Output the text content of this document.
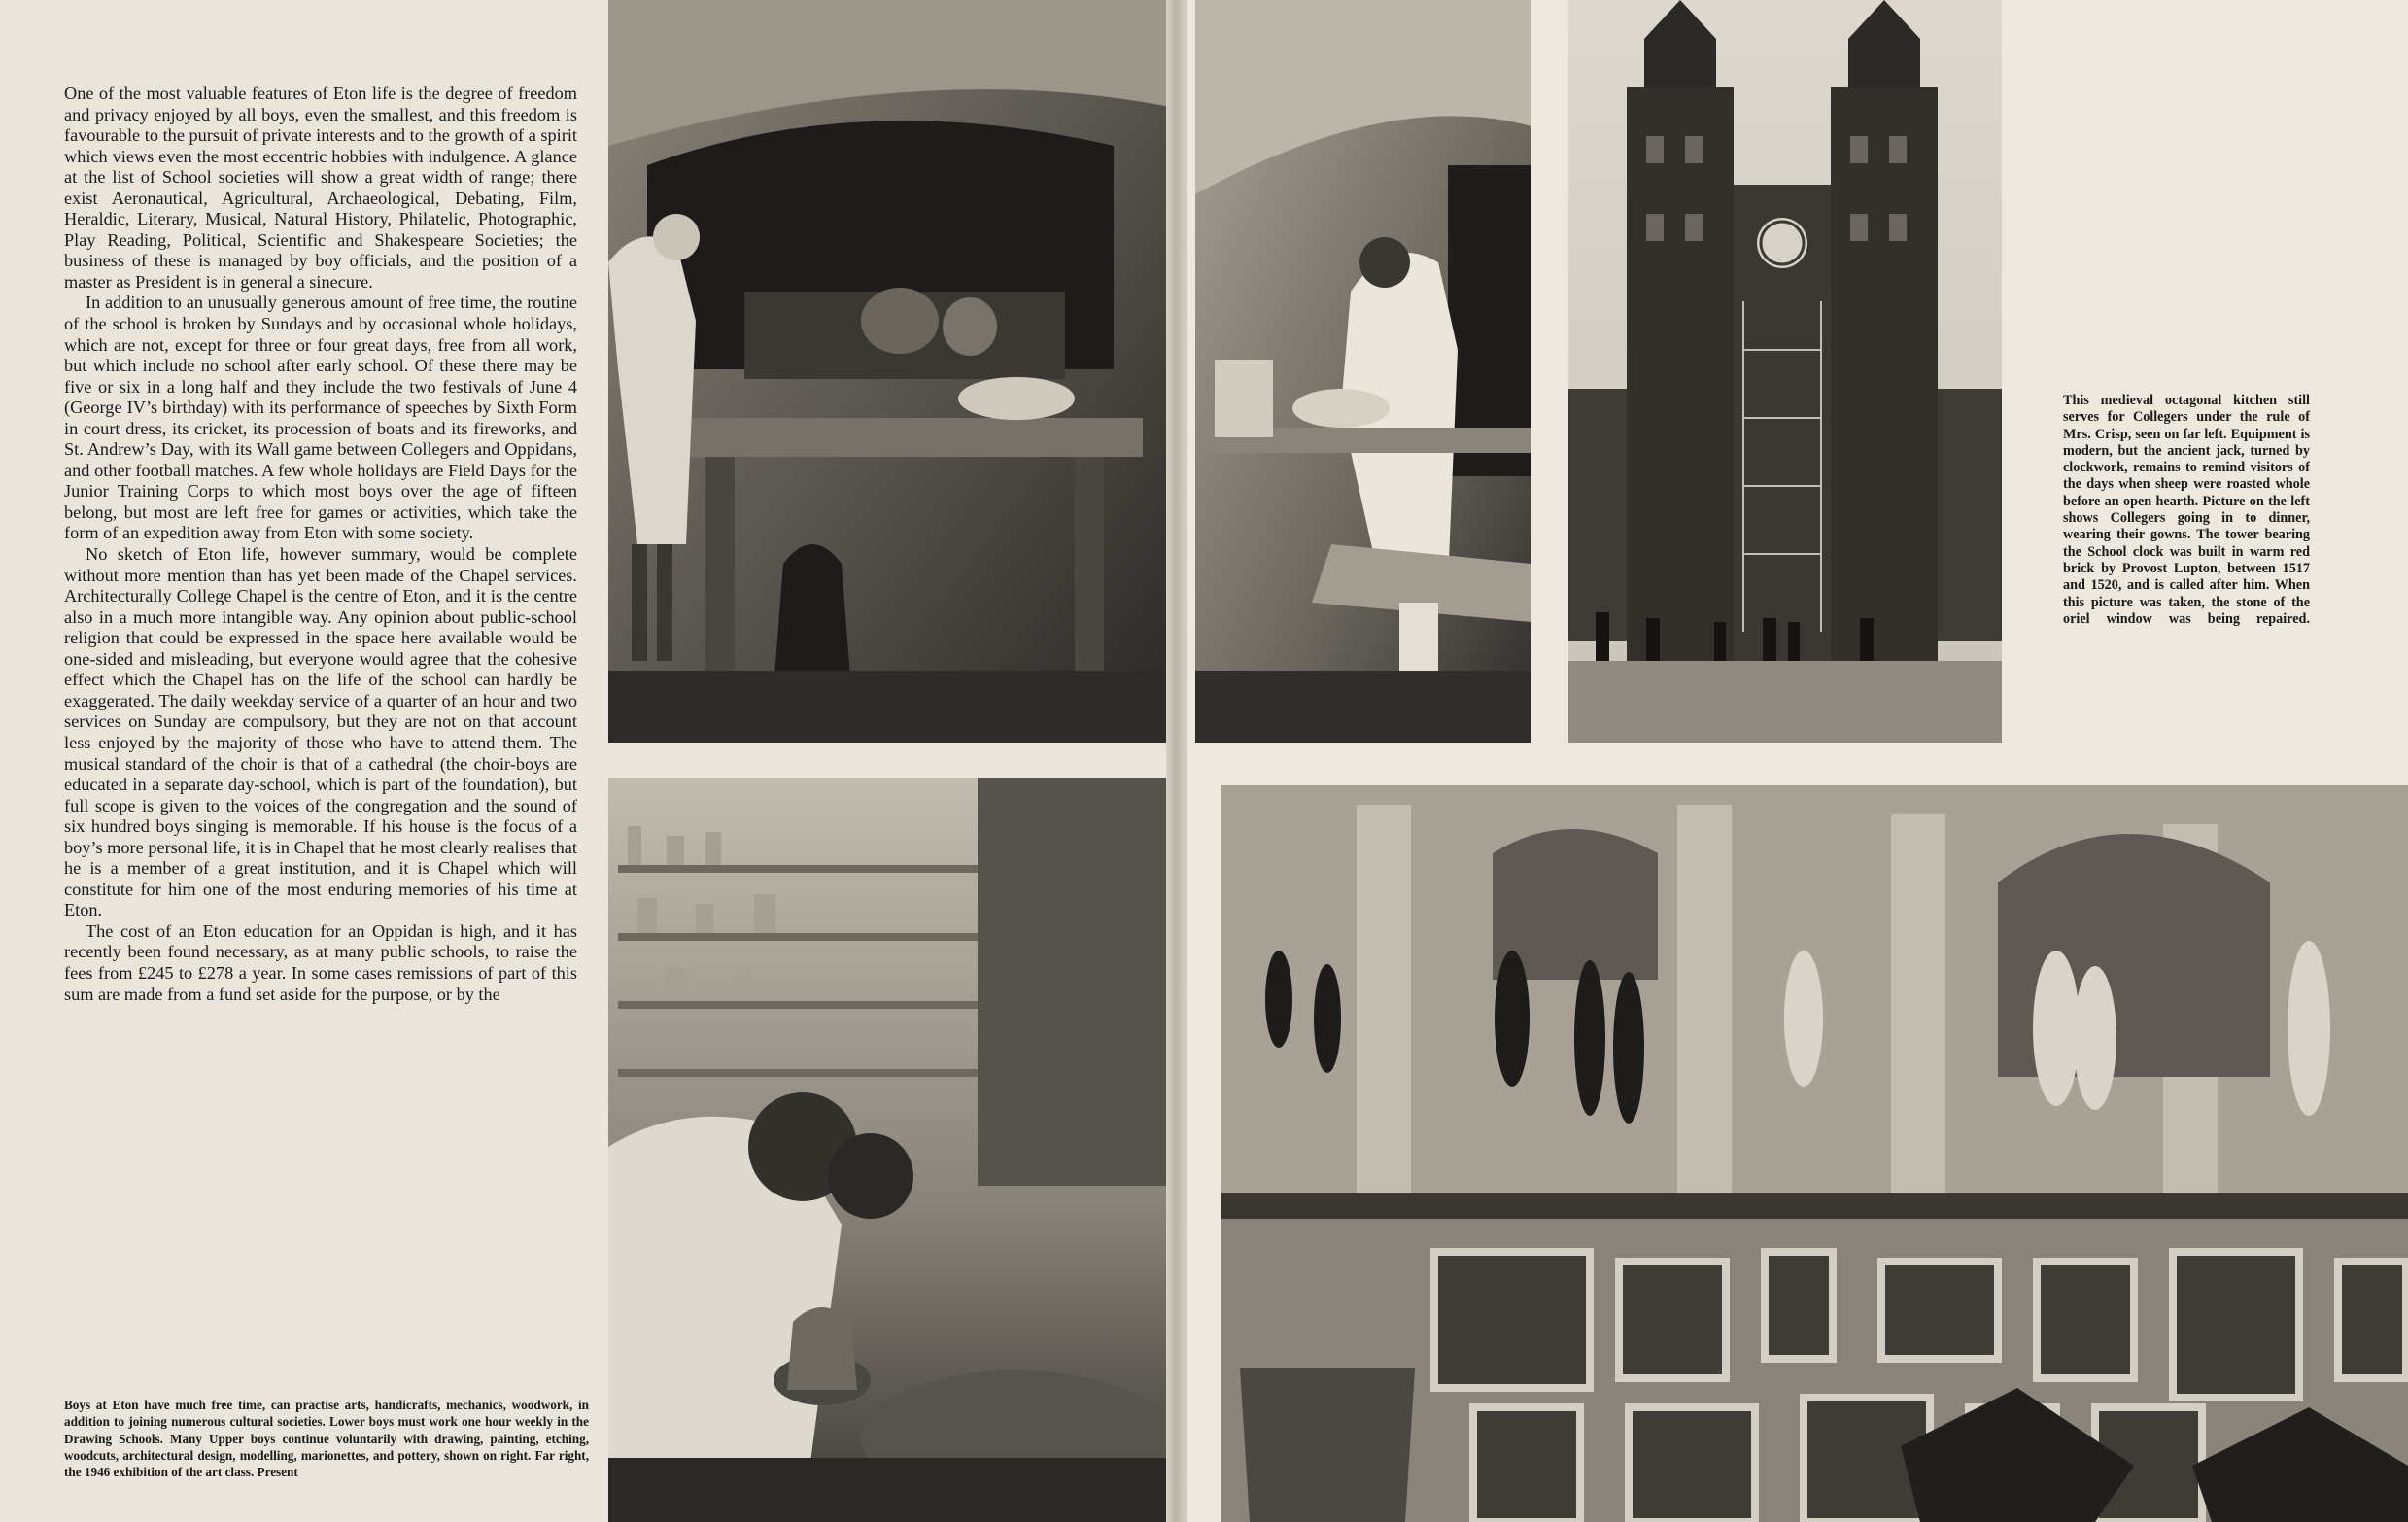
One of the most valuable features of Eton life is the degree of freedom and privacy enjoyed by all boys, even the smallest, and this freedom is favourable to the pursuit of private interests and to the growth of a spirit which views even the most eccentric hobbies with indulgence. A glance at the list of School societies will show a great width of range; there exist Aeronautical, Agricultural, Archaeological, Debating, Film, Heraldic, Literary, Musical, Natural History, Philatelic, Photographic, Play Reading, Political, Scientific and Shakespeare Societies; the business of these is managed by boy officials, and the position of a master as President is in general a sinecure.

In addition to an unusually generous amount of free time, the routine of the school is broken by Sundays and by occasional whole holidays, which are not, except for three or four great days, free from all work, but which include no school after early school. Of these there may be five or six in a long half and they include the two festivals of June 4 (George IV’s birthday) with its performance of speeches by Sixth Form in court dress, its cricket, its procession of boats and its fireworks, and St. Andrew’s Day, with its Wall game between Collegers and Oppidans, and other football matches. A few whole holidays are Field Days for the Junior Training Corps to which most boys over the age of fifteen belong, but most are left free for games or activities, which take the form of an expedition away from Eton with some society.

No sketch of Eton life, however summary, would be complete without more mention than has yet been made of the Chapel services. Architecturally College Chapel is the centre of Eton, and it is the centre also in a much more intangible way. Any opinion about public-school religion that could be expressed in the space here available would be one-sided and misleading, but everyone would agree that the cohesive effect which the Chapel has on the life of the school can hardly be exaggerated. The daily weekday service of a quarter of an hour and two services on Sunday are compulsory, but they are not on that account less enjoyed by the majority of those who have to attend them. The musical standard of the choir is that of a cathedral (the choir-boys are educated in a separate day-school, which is part of the foundation), but full scope is given to the voices of the congregation and the sound of six hundred boys singing is memorable. If his house is the focus of a boy’s more personal life, it is in Chapel that he most clearly realises that he is a member of a great institution, and it is Chapel which will constitute for him one of the most enduring memories of his time at Eton.

The cost of an Eton education for an Oppidan is high, and it has recently been found necessary, as at many public schools, to raise the fees from £245 to £278 a year. In some cases remissions of part of this sum are made from a fund set aside for the purpose, or by the

Boys at Eton have much free time, can practise arts, handicrafts, mechanics, woodwork, in addition to joining numerous cultural societies. Lower boys must work one hour weekly in the Drawing Schools. Many Upper boys continue voluntarily with drawing, painting, etching, woodcuts, architectural design, modelling, marionettes, and pottery, shown on right. Far right, the 1946 exhibition of the art class. Present
This medieval octagonal kitchen still serves for Collegers under the rule of Mrs. Crisp, seen on far left. Equipment is modern, but the ancient jack, turned by clockwork, remains to remind visitors of the days when sheep were roasted whole before an open hearth. Picture on the left shows Collegers going in to dinner, wearing their gowns. The tower bearing the School clock was built in warm red brick by Provost Lupton, between 1517 and 1520, and is called after him. When this picture was taken, the stone of the oriel window was being repaired.
